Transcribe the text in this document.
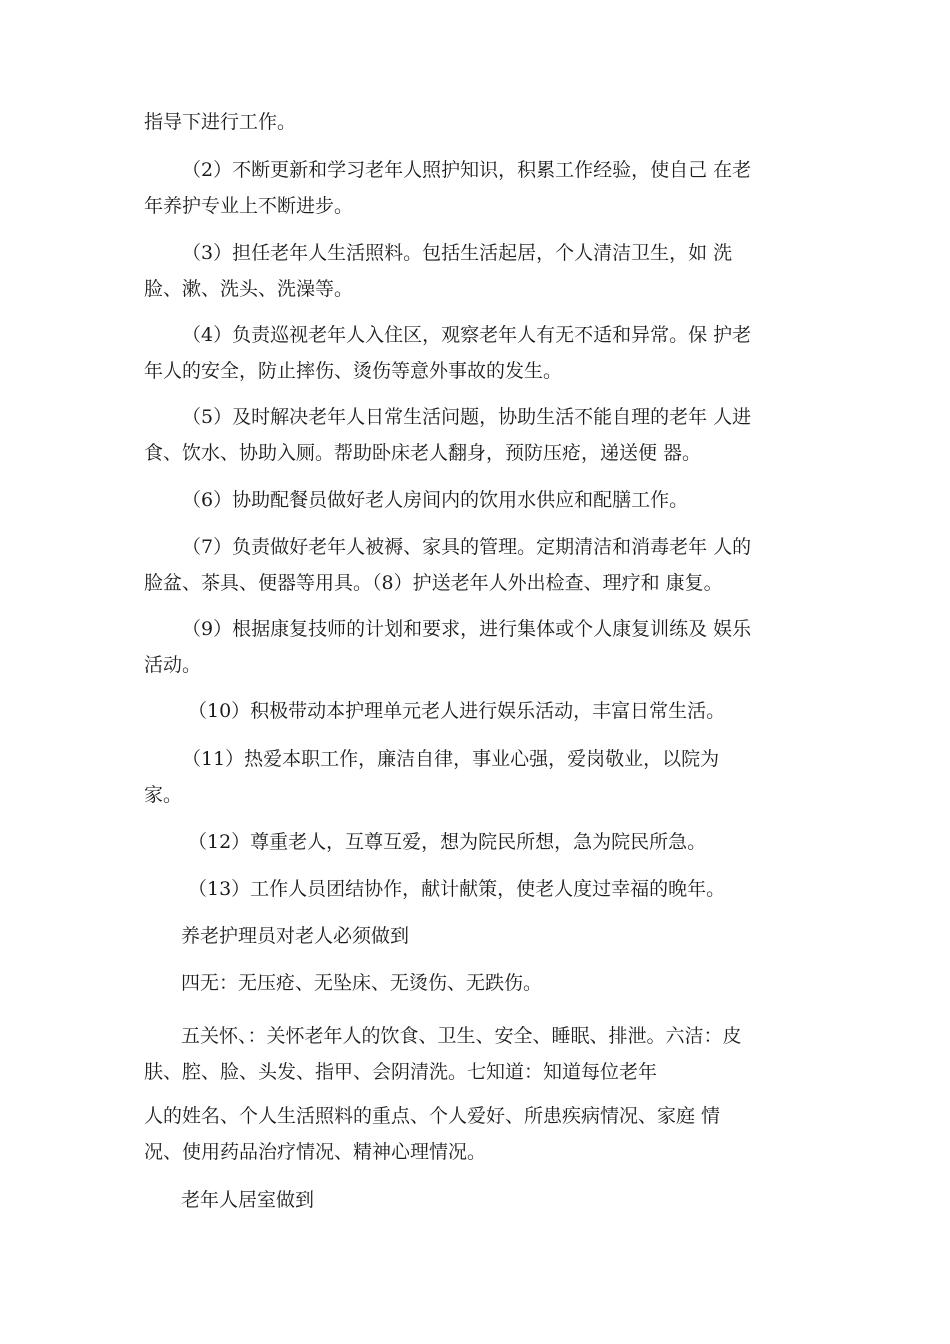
指导下进行工作。

（2）不断更新和学习老年人照护知识，积累工作经验，使自己 在老
年养护专业上不断进步。

（3）担任老年人生活照料。包括生活起居，个人清洁卫生，如 洗
脸、漱、洗头、洗澡等。

（4）负责巡视老年人入住区，观察老年人有无不适和异常。保 护老
年人的安全，防止摔伤、烫伤等意外事故的发生。

（5）及时解决老年人日常生活问题，协助生活不能自理的老年 人进
食、饮水、协助入厕。帮助卧床老人翻身，预防压疮，递送便 器。

（6）协助配餐员做好老人房间内的饮用水供应和配膳工作。

（7）负责做好老年人被褥、家具的管理。定期清洁和消毒老年 人的
脸盆、茶具、便器等用具。（8）护送老年人外出检查、理疗和 康复。

（9）根据康复技师的计划和要求，进行集体或个人康复训练及 娱乐
活动。

（10）积极带动本护理单元老人进行娱乐活动，丰富日常生活。

（11）热爱本职工作，廉洁自律，事业心强，爱岗敬业，以院为
家。

（12）尊重老人，互尊互爱，想为院民所想，急为院民所急。

（13）工作人员团结协作，献计献策，使老人度过幸福的晚年。

养老护理员对老人必须做到

四无：无压疮、无坠床、无烫伤、无跌伤。

五关怀、：关怀老年人的饮食、卫生、安全、睡眠、排泄。六洁：皮
肤、腔、脸、头发、指甲、会阴清洗。七知道：知道每位老年

人的姓名、个人生活照料的重点、个人爱好、所患疾病情况、家庭 情
况、使用药品治疗情况、精神心理情况。

老年人居室做到
